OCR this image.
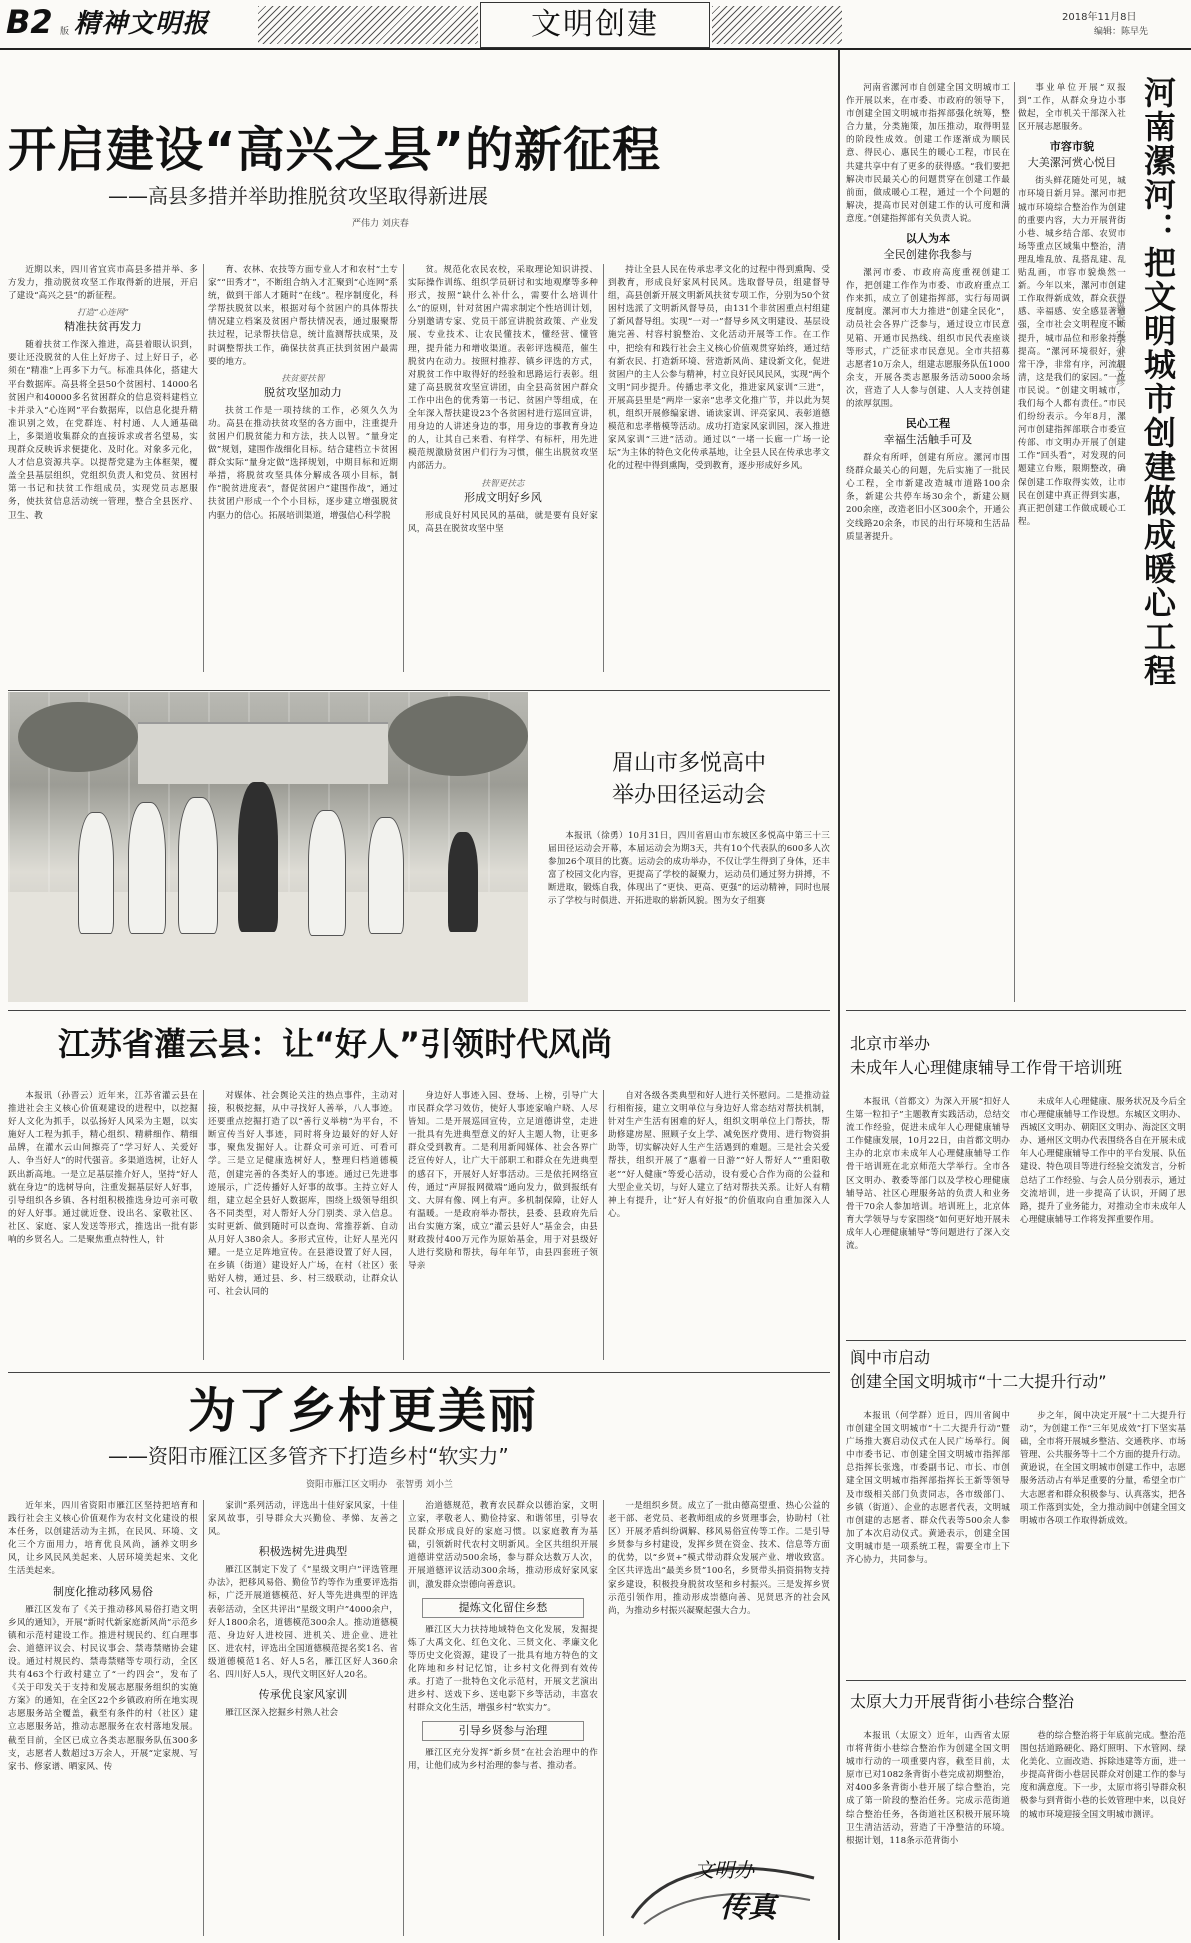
B2 版 精神文明报	文明创建	2018年11月8日
编辑：陈早先
开启建设“高兴之县”的新征程
——高县多措并举助推脱贫攻坚取得新进展
严伟力 刘庆春

近期以来，四川省宜宾市高县多措并举、多方发力，推动脱贫攻坚工作取得新的进展，开启了建设“高兴之县”的新征程。

打造“心连网”
精准扶贫再发力

随着扶贫工作深入推进，高县着眼认识到，要让还没脱贫的人住上好房子、过上好日子，必须在“精准”上再多下力气。标准具体化，搭建大平台数据库。高县将全县50个贫困村、14000名贫困户和40000多名贫困群众的信息资料建档立卡并录入“心连网”平台数据库，以信息化提升精准识别之效，在党群连、村村通、人人通基础上，多渠道收集群众的直接诉求或者名望易，实现群众反映诉求便捷化、及时化。对象多元化，人才信息资源共享。以提帮党建为主体框架，覆盖全县基层组织，党组织负责人和党员、贫困村第一书记和扶贫工作组成员，实现党员志愿服务，使扶贫信息活动统一管理，整合全县医疗、卫生、教

育、农林、农技等方面专业人才和农村“土专家”“田秀才”，不断组合纳入才汇聚到“心连网”系统，做到干部人才随时“在线”。程序制度化，科学帮扶脱贫以来，根据对每个贫困户的具体帮扶情况建立档案及贫困户帮扶情况表，通过服聚帮扶过程，记录帮扶信息，统计监测帮扶成果，及时调整帮扶工作，确保扶贫真正扶到贫困户最需要的地方。

扶贫要扶智
脱贫攻坚加动力

扶贫工作是一项持续的工作，必须久久为功。高县在推动扶贫攻坚的各方面中，注重提升贫困户们脱贫能力和方法，扶人以智。“量身定做”规划，建围作战细化目标。结合建档立卡贫困群众实际“量身定做”选择规划，中期目标和近期举措，将脱贫攻坚具体分解成各项小目标，制作“脱贫进度表”，督促贫困户“建围作战”，通过扶贫团户形成一个个小目标，逐步建立增强脱贫内驱力的信心。拓展培训渠道，增强信心科学脱

贫。规范化农民农校，采取理论知识讲授、实际操作训练、组织学员研讨和实地观摩等多种形式，按照“缺什么补什么，需要什么培训什么”的原则，针对贫困户需求制定个性培训计划，分别邀请专家、党员干部宣讲脱贫政策、产业发展、专业技术、让农民懂技术，懂经营、懂管理，提升能力和增收渠道。表彰评选模范，催生脱贫内在动力。按照村推荐、镇乡评选的方式，对脱贫工作中取得好的经验和思路运行表彰。组建了高县脱贫攻坚宣讲团，由全县高贫困户群众工作中出色的优秀第一书记、贫困户等组成，在全年深入帮扶建设23个各贫困村进行巡回宣讲，用身边的人讲述身边的事，用身边的事教育身边的人，让其自己来看、有样学、有标杆，用先进模范规激励贫困户们行为习惯，催生出脱贫攻坚内部活力。

扶智更扶志
形成文明好乡风

形成良好村风民风的基础，就是要有良好家风，高县在脱贫攻坚中坚

持让全县人民在传承忠孝文化的过程中得到熏陶、受到教育，形成良好家风村民风。选取督导员，组建督导组，高县创新开展文明新风扶贫专项工作，分别为50个贫困村选派了文明新风督导员，由131个非贫困重点村组建了新风督导组。实现“一对一”督导乡风文明建设、基层设施完善、村容村貌整治、文化活动开展等工作。在工作中，把绘有和践行社会主义核心价值观贯穿始终，通过结有新农民、打造新环境、营造新风尚、建设新文化，促进贫困户的主人公参与精神，村立良好民风民风，实现“两个文明”同步提升。传播忠孝文化，推进家风家训“三进”，开展高县里是“两岸一家亲”忠孝文化推广节，并以此为契机，组织开展修编家谱、诵读家训、评亮家风、表彰道德模范和忠孝楷模等活动。成功打造家风家训园，深入推进家风家训“三进”活动。通过以“一堵一长廊一广场一论坛”为主体的特色文化传承基地，让全县人民在传承忠孝文化的过程中得到熏陶，受到教育，逐步形成好乡风。

眉山市多悦高中
举办田径运动会

本报讯（徐勇）10月31日，四川省眉山市东坡区多悦高中第三十三届田径运动会开幕，本届运动会为期3天，共有10个代表队的600多人次参加26个项目的比赛。运动会的成功举办，不仅让学生得到了身体，还丰富了校园文化内容，更提高了学校的凝聚力，运动员们通过努力拼搏，不断进取，锻炼自我，体现出了“更快、更高、更强”的运动精神，同时也展示了学校与时俱进、开拓进取的崭新风貌。图为女子组赛

江苏省灌云县：让“好人”引领时代风尚

本报讯（孙晋云）近年来，江苏省灌云县在推进社会主义核心价值观建设的进程中，以挖掘好人文化为抓手，以弘扬好人风采为主题，以实施好人工程为抓手，精心组织、精耕细作、精细品牌，在灌水云山间擦亮了“学习好人、关爱好人、争当好人”的时代强音。多渠道选树，让好人跃出新高地。一是立足基层推介好人，坚持“好人就在身边”的选树导向，注重发掘基层好人好事，引导组织各乡镇、各村组积极推选身边可亲可敬的好人好事。通过就近登、设出名、家敬社区、社区、家庭、家人发送等形式，推选出一批有影响的乡贤名人。二是聚焦重点特性人，针

对媒体、社会舆论关注的热点事件，主动对接，积极挖掘，从中寻找好人善举，八人事迹。还要重点挖掘打造了以“善行义举榜”为平台，不断宣传当好人事迹，同时将身边最好的好人好事，聚焦发掘好人。让群众可亲可近、可看可学。三是立足健康选树好人，整理归档道德模范，创建完善的各类好人的事迹。通过已先进事迹展示，广泛传播好人好事的故事。主持立好人组，建立起全县好人数据库，围绕上级领导组织各不同类型，对人帮好人分门别类、录入信息。实时更新、做到随时可以查询、常推荐新、自动从月好人380余人。多形式宣传，让好人星光闪耀。一是立足阵地宣传。在县港设置了好人园，在乡镇（街道）建设好人广场，在村（社区）张贴好人榜，通过县、乡、村三级联动，让群众认可、社会认同的

身边好人事迹入园、登场、上榜，引导广大市民群众学习效仿，使好人事迹家喻户晓、人尽皆知。二是开展巡回宣传，立足道德讲堂，走进一批具有先进典型意义的好人主题人物，让更多群众受到教育。二是利用新闻媒体、社会各界广泛宣传好人，让广大干部职工和群众在先进典型的感召下，开展好人好事活动。三是依托网络宣传，通过“声屏报网微端”通向发力，做到报纸有文、大屏有像、网上有声。多机制保障，让好人有温暖。一是政府举办帮扶，县委、县政府先后出台实施方案，成立“灌云县好人”基金会，由县财政拨付400万元作为原始基金，用于对县级好人进行奖励和帮扶，每年年节，由县四套班子领导亲

自对各级各类典型和好人进行关怀慰问。二是推动益行相衔接，建立文明单位与身边好人常态结对帮扶机制，针对生产生活有困难的好人，组织文明单位上门帮扶，帮助修建房屋、照顾子女上学、减免医疗费用、进行物资捐助等，切实解决好人生产生活遇到的难题。三是社会关爱帮扶，组织开展了“惠着一日游”“好人帮好人”“重阳敬老”“好人健康”等爱心活动，设有爱心合作为商的公益和大型企业关切，与好人建立了结对帮扶关系。让好人有精神上有提升，让“好人有好报”的价值取向自重加深入人心。

为了乡村更美丽
——资阳市雁江区多管齐下打造乡村“软实力”
资阳市雁江区文明办　张智勇 刘小兰

近年来，四川省资阳市雁江区坚持把培育和践行社会主义核心价值观作为农村文化建设的根本任务，以创建活动为主抓，在民风、环境、文化三个方面用力，培育优良风尚，涵养文明乡风，让乡风民风美起来、人居环境美起来、文化生活美起来。

制度化推动移风易俗

雁江区发布了《关于推动移风易俗打造文明乡风的通知》，开展“新时代新家庭新风尚”示范乡镇和示范村建设工作。推进村规民约、红白理事会、道德评议会、村民议事会、禁毒禁赌协会建设。通过村规民约、禁毒禁赌等专项行动，全区共有463个行政村建立了“一约四会”，发布了《关于印发关于支持和发展志愿服务组织的实施方案》的通知，在全区22个乡镇政府所在地实现志愿服务站全覆盖，截至有条件的村（社区）建立志愿服务站，推动志愿服务在农村落地发展。截至目前，全区已成立各类志愿服务队伍300多支，志愿者人数超过3万余人，开展“定家规、写家书、修家谱、晒家风、传

家训”系列活动，评选出十佳好家风家，十佳家风故事，引导群众大兴勤俭、孝悌、友善之风。

积极选树先进典型

雁江区制定下发了《“星级文明户”评选管理办法》，把移风易俗、勤俭节约等作为重要评选指标，广泛开展道德模范、好人等先进典型的评选表彰活动，全区共评出“星级文明户”4000余户，好人1800余名，道德模范300余人。推动道德模范、身边好人进校园、进机关、进企业、进社区、进农村，评选出全国道德模范提名奖1名、省级道德模范1名、好人5名，雁江区好人360余名、四川好人5人，现代文明区好人20名。

传承优良家风家训

雁江区深入挖掘乡村熟人社会

治道德规范，教育农民群众以德治家，文明立家，孝敬老人、勤俭持家、和谐邻里，引导农民群众形成良好的家庭习惯。以家庭教育为基础，引领新时代农村文明新风。全区共组织开展道德讲堂活动500余场，参与群众达数万人次，开展道德评议活动300余场，推动形成好家风家训，激发群众崇德向善意识。

提炼文化留住乡愁

雁江区大力扶持地域特色文化发展，发掘提炼了大禹文化、红色文化、三贤文化、孝廉文化等历史文化资源，建设了一批具有地方特色的文化阵地和乡村记忆馆，让乡村文化得到有效传承。打造了一批特色文化示范村，开展文艺演出进乡村、送戏下乡、送电影下乡等活动，丰富农村群众文化生活，增强乡村“软实力”。

引导乡贤参与治理

雁江区充分发挥“新乡贤”在社会治理中的作用，让他们成为乡村治理的参与者、推动者。

一是组织乡贤。成立了一批由德高望重、热心公益的老干部、老党员、老教师组成的乡贤理事会，协助村（社区）开展矛盾纠纷调解、移风易俗宣传等工作。二是引导乡贤参与乡村建设，发挥乡贤在资金、技术、信息等方面的优势，以“乡贤+”模式带动群众发展产业、增收致富。全区共评选出“最美乡贤”100名，乡贤带头捐资捐物支持家乡建设，积极投身脱贫攻坚和乡村振兴。三是发挥乡贤示范引领作用，推动形成崇德向善、见贤思齐的社会风尚，为推动乡村振兴凝聚起强大合力。

文明办
传真

河南省漯河市自创建全国文明城市工作开展以来，在市委、市政府的领导下，市创建全国文明城市指挥部强化统筹，整合力量，分类施策，加压推动，取得明显的阶段性成效。创建工作逐渐成为顺民意、得民心、惠民生的暖心工程，市民在共建共享中有了更多的获得感。“我们要把解决市民最关心的问题贯穿在创建工作最前面，做成暖心工程，通过一个个问题的解决，提高市民对创建工作的认可度和满意度。”创建指挥部有关负责人说。

以人为本
全民创建你我参与

漯河市委、市政府高度重视创建工作，把创建工作作为市委、市政府重点工作来抓，成立了创建指挥部，实行每周调度制度。漯河市大力推进“创建全民化”，动员社会各界广泛参与，通过设立市民意见箱、开通市民热线、组织市民代表座谈等形式，广泛征求市民意见。全市共招募志愿者10万余人，组建志愿服务队伍1000余支，开展各类志愿服务活动5000余场次，营造了人人参与创建、人人支持创建的浓厚氛围。

民心工程
幸福生活触手可及

群众有所呼，创建有所应。漯河市围绕群众最关心的问题，先后实施了一批民心工程，全市新建改造城市道路100余条，新建公共停车场30余个，新建公厕200余座，改造老旧小区300余个，开通公交线路20余条，市民的出行环境和生活品质显著提升。

事业单位开展“双报到”工作，从群众身边小事做起，全市机关干部深入社区开展志愿服务。

市容市貌
大美漯河赏心悦目

街头鲜花随处可见，城市环境日新月异。漯河市把城市环境综合整治作为创建的重要内容，大力开展背街小巷、城乡结合部、农贸市场等重点区域集中整治，清理乱堆乱放、乱搭乱建、乱贴乱画，市容市貌焕然一新。今年以来，漯河市创建工作取得新成效，群众获得感、幸福感、安全感显著增强，全市社会文明程度不断提升，城市品位和形象持续提高。“漯河环境很好，非常干净，非常有序，河流很清，这是我们的家园。”一位市民说。“创建文明城市，我们每个人都有责任。”市民们纷纷表示。今年8月，漯河市创建指挥部联合市委宣传部、市文明办开展了创建工作“回头看”，对发现的问题建立台账，限期整改，确保创建工作取得实效，让市民在创建中真正得到实惠，真正把创建工作做成暖心工程。	河南漯河：把文明城市创建做成暖心工程
黄卫民 宋天宏 胡文珍
北京市举办
未成年人心理健康辅导工作骨干培训班

本报讯（首都文）为深入开展“扣好人生第一粒扣子”主题教育实践活动，总结交流工作经验，促进未成年人心理健康辅导工作健康发展，10月22日，由首都文明办主办的北京市未成年人心理健康辅导工作骨干培训班在北京师范大学举行。全市各区文明办、教委等部门以及学校心理健康辅导站、社区心理服务站的负责人和业务骨干70余人参加培训。培训班上，北京体育大学领导与专家围绕“如何更好地开展未成年人心理健康辅导”等问题进行了深入交流。

未成年人心理健康、服务状况及今后全市心理健康辅导工作设想。东城区文明办、西城区文明办、朝阳区文明办、海淀区文明办、通州区文明办代表围绕各自在开展未成年人心理健康辅导工作中的平台发展、队伍建设、特色项目等进行经验交流发言，分析总结了工作经验、与会人员分别表示，通过交流培训，进一步提高了认识，开阔了思路，提升了业务能力，对推动全市未成年人心理健康辅导工作将发挥重要作用。

阆中市启动
创建全国文明城市“十二大提升行动”

本报讯（何学群）近日，四川省阆中市创建全国文明城市“十二大提升行动”暨广场推大赛启动仪式在人民广场举行。阆中市委书记、市创建全国文明城市指挥部总指挥长张逸，市委副书记、市长、市创建全国文明城市指挥部指挥长王新等领导及市级相关部门负责同志，各市级部门、乡镇（街道）、企业的志愿者代表，文明城市创建的志愿者、群众代表等500余人参加了本次启动仪式。黄逊表示，创建全国文明城市是一项系统工程，需要全市上下齐心协力，共同参与。

步之年，阆中决定开展“十二大提升行动”，为创建工作“三年见成效”打下坚实基础，全市将开展城乡整洁、交通秩序、市场管理、公共服务等十二个方面的提升行动。黄逊说，在全国文明城市创建工作中，志愿服务活动占有举足重要的分量，希望全市广大志愿者和群众积极参与、认真落实，把各项工作落到实处，全力推动阆中创建全国文明城市各项工作取得新成效。

太原大力开展背街小巷综合整治

本报讯（太原文）近年，山西省太原市将背街小巷综合整治作为创建全国文明城市行动的一项重要内容，截至目前，太原市已对1082条背街小巷完成初期整治，对400多条背街小巷开展了综合整治，完成了第一阶段的整治任务。完成示范街道综合整治任务，各街道社区积极开展环境卫生清洁活动，营造了干净整洁的环境。根据计划，118条示范背街小

巷的综合整治将于年底前完成。整治范围包括道路硬化、路灯照明、下水管网、绿化美化、立面改造、拆除违建等方面，进一步提高背街小巷居民群众对创建工作的参与度和满意度。下一步，太原市将引导群众积极参与到背街小巷的长效管理中来，以良好的城市环境迎接全国文明城市测评。
